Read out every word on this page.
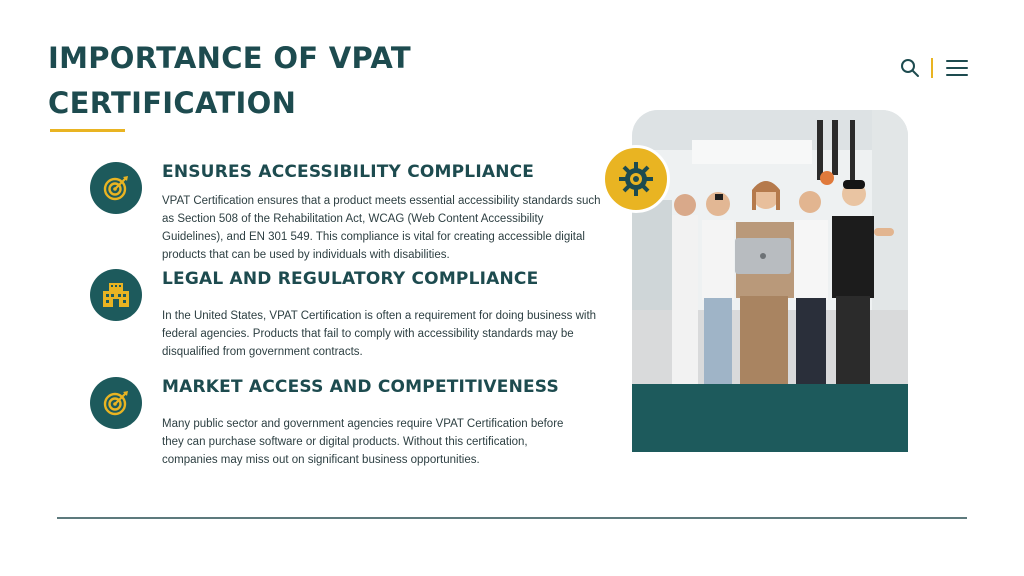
IMPORTANCE OF VPAT CERTIFICATION
ENSURES ACCESSIBILITY COMPLIANCE
VPAT Certification ensures that a product meets essential accessibility standards such as Section 508 of the Rehabilitation Act, WCAG (Web Content Accessibility Guidelines), and EN 301 549. This compliance is vital for creating accessible digital products that can be used by individuals with disabilities.
LEGAL AND REGULATORY COMPLIANCE
In the United States, VPAT Certification is often a requirement for doing business with federal agencies. Products that fail to comply with accessibility standards may be disqualified from government contracts.
MARKET ACCESS AND COMPETITIVENESS
Many public sector and government agencies require VPAT Certification before they can purchase software or digital products. Without this certification, companies may miss out on significant business opportunities.
